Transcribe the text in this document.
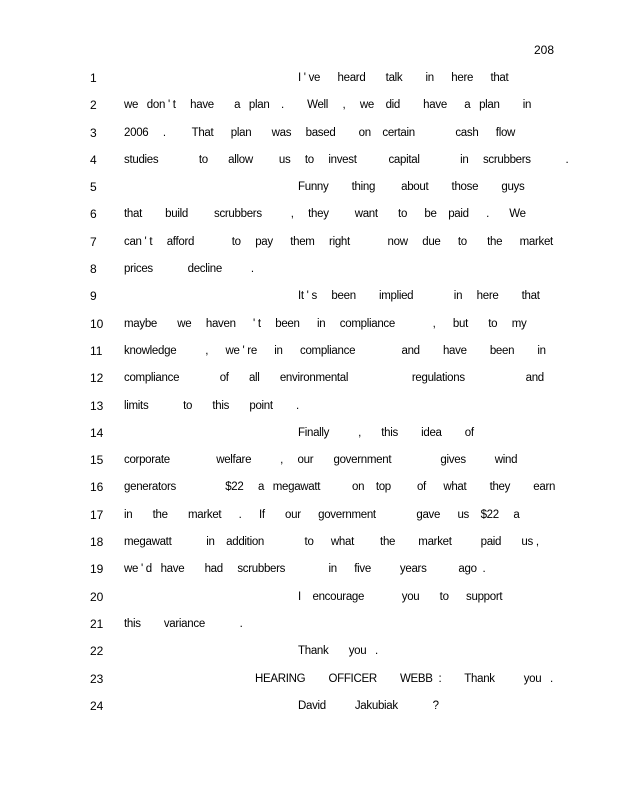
208
1	I ' ve      heard       talk        in      here      that
2	we   don ' t     have       a   plan    .        Well     ,     we    did        have      a   plan        in
3	2006     .         That      plan       was     based        on    certain              cash      flow
4	studies              to       allow         us     to     invest           capital              in     scrubbers            .
5	Funny        thing         about        those        guys
6	that        build         scrubbers          ,     they         want       to      be    paid      .       We
7	can ' t     afford             to     pay      them     right             now     due      to       the      market
8	prices            decline          .
9	It ' s     been        implied              in     here        that
10	maybe       we     haven      ' t     been      in     compliance             ,      but       to     my
11	knowledge          ,      we ' re      in      compliance                and        have        been        in
12	compliance              of       all       environmental                      regulations                     and
13	limits            to       this       point        .
14	Finally          ,       this        idea        of
15	corporate                welfare          ,     our       government                 gives          wind
16	generators                 $22     a   megawatt           on    top         of      what        they        earn
17	in       the       market      .      If       our      government              gave      us    $22     a
18	megawatt            in    addition              to      what         the        market          paid       us ,
19	we ' d   have       had     scrubbers               in      five          years           ago  .
20	I    encourage             you       to      support
21	this        variance            .
22	Thank       you   .
23	HEARING        OFFICER        WEBB  :        Thank          you   .
24	David          Jakubiak            ?
